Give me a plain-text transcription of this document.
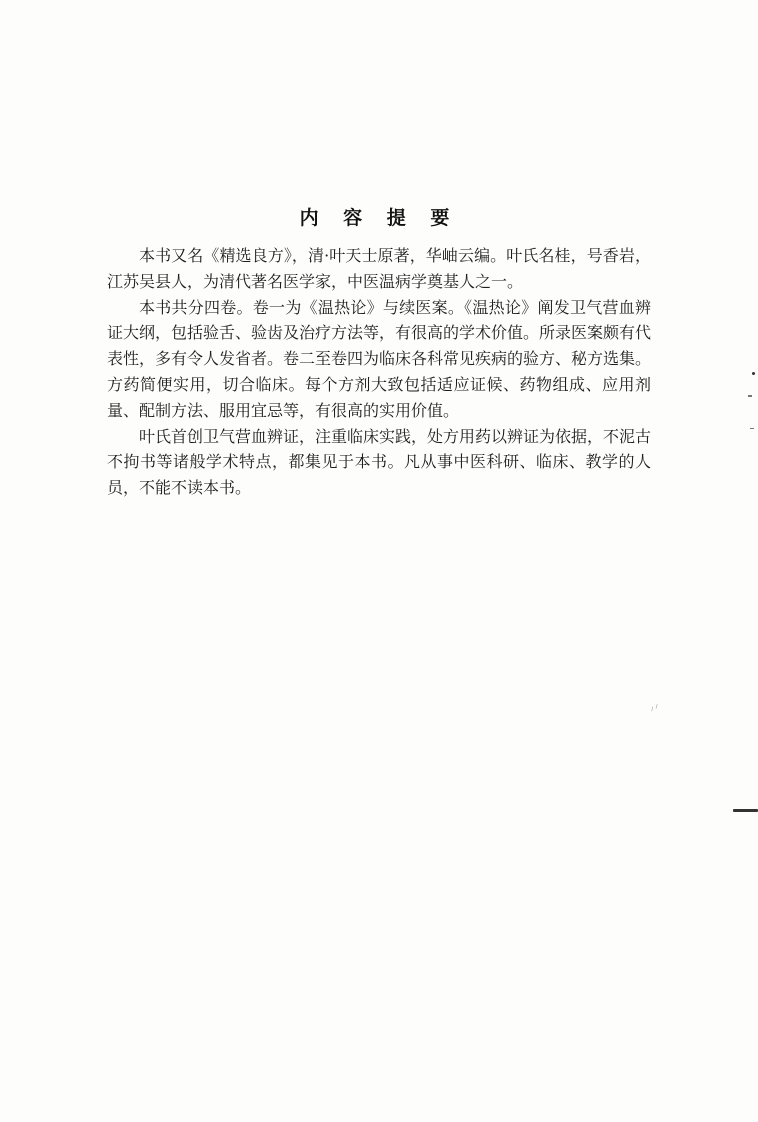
内 容 提 要

本书又名《精选良方》，清·叶天士原著，华岫云编。叶氏名桂，号香岩，江苏吴县人，为清代著名医学家，中医温病学奠基人之一。

本书共分四卷。卷一为《温热论》与续医案。《温热论》阐发卫气营血辨证大纲，包括验舌、验齿及治疗方法等，有很高的学术价值。所录医案颇有代表性，多有令人发省者。卷二至卷四为临床各科常见疾病的验方、秘方选集。方药简便实用，切合临床。每个方剂大致包括适应证候、药物组成、应用剂量、配制方法、服用宜忌等，有很高的实用价值。

叶氏首创卫气营血辨证，注重临床实践，处方用药以辨证为依据，不泥古不拘书等诸般学术特点，都集见于本书。凡从事中医科研、临床、教学的人员，不能不读本书。

⸝⸝
